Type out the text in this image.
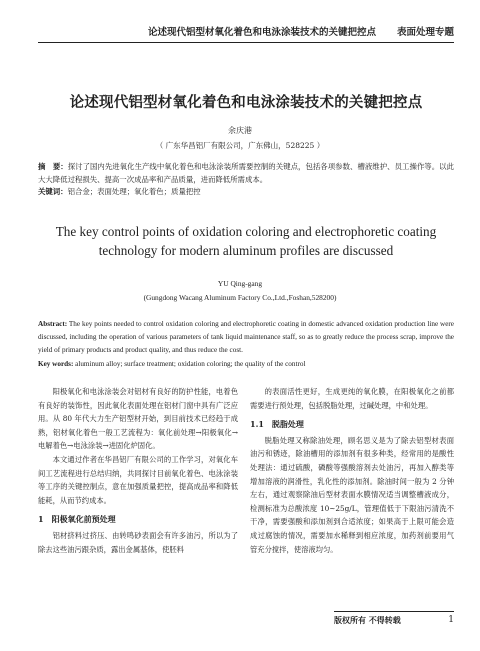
论述现代铝型材氧化着色和电泳涂装技术的关键把控点 表面处理专题
论述现代铝型材氧化着色和电泳涂装技术的关键把控点
余庆港
（ 广东华昌铝厂有限公司，广东佛山，528225 ）
摘　要：探讨了国内先进氧化生产线中氧化着色和电泳涂装所需要控制的关键点，包括各项参数、槽液维护、员工操作等。以此大大降低过程损失、提高一次成品率和产品质量，进而降低所需成本。
关键词：铝合金；表面处理；氧化着色；质量把控
The key control points of oxidation coloring and electrophoretic coating technology for modern aluminum profiles are discussed
YU Qing-gang
(Gungdong Wacang Aluminum Factory Co.,Ltd.,Foshan,528200)
Abstract: The key points needed to control oxidation coloring and electrophoretic coating in domestic advanced oxidation production line were discussed, including the operation of various parameters of tank liquid maintenance staff, so as to greatly reduce the process scrap, improve the yield of primary products and product quality, and thus reduce the cost.
Key words: aluminum alloy; surface treatment; oxidation coloring; the quality of the control

阳极氧化和电泳涂装会对铝材有良好的防护性能，电着色有良好的装饰性，因此氧化表面处理在铝材门窗中具有广泛应用。从 80 年代大力生产铝型材开始，到目前技术已经趋于成熟，铝材氧化着色一般工艺流程为：氧化前处理→阳极氧化→电解着色→电泳涂装→进固化炉固化。

本文通过作者在华昌铝厂有限公司的工作学习，对氧化车间工艺流程进行总结归纳，共同探讨目前氧化着色、电泳涂装等工序的关键控制点，意在加强质量把控，提高成品率和降低能耗，从而节约成本。

1　阳极氧化前预处理

铝材挤料过挤压、由转鸣砂表面会有许多油污，所以为了除去这些油污跟杂质，露出金属基体，使胚料

的表面活性更好，生成更纯的氧化膜，在阳极氧化之前都需要进行预处理，包括脱脂处理，过碱处理，中和处理。

1.1　脱脂处理

脱脂处理又称除油处理，顾名思义是为了除去铝型材表面油污和锈迹，除油槽用的添加剂有很多种类，经常用的是酸性处理法：通过硫酸，磷酸等强酸溶剂去处油污，再加入醇类等增加溶液的润滑性，乳化性的添加剂。除油时间一般为 2 分钟左右，通过观察除油后型材表面水膜情况适当调整槽液成分，检测标准为总酸浓度 10~25g/L，管理值低于下限油污清洗不干净，需要强酸和添加剂到合适浓度；如果高于上限可能会造成过腐蚀的情况，需要加水稀释到相应浓度，加药剂前要用气管充分搅拌，使溶液均匀。

版权所有 不得转载	1
